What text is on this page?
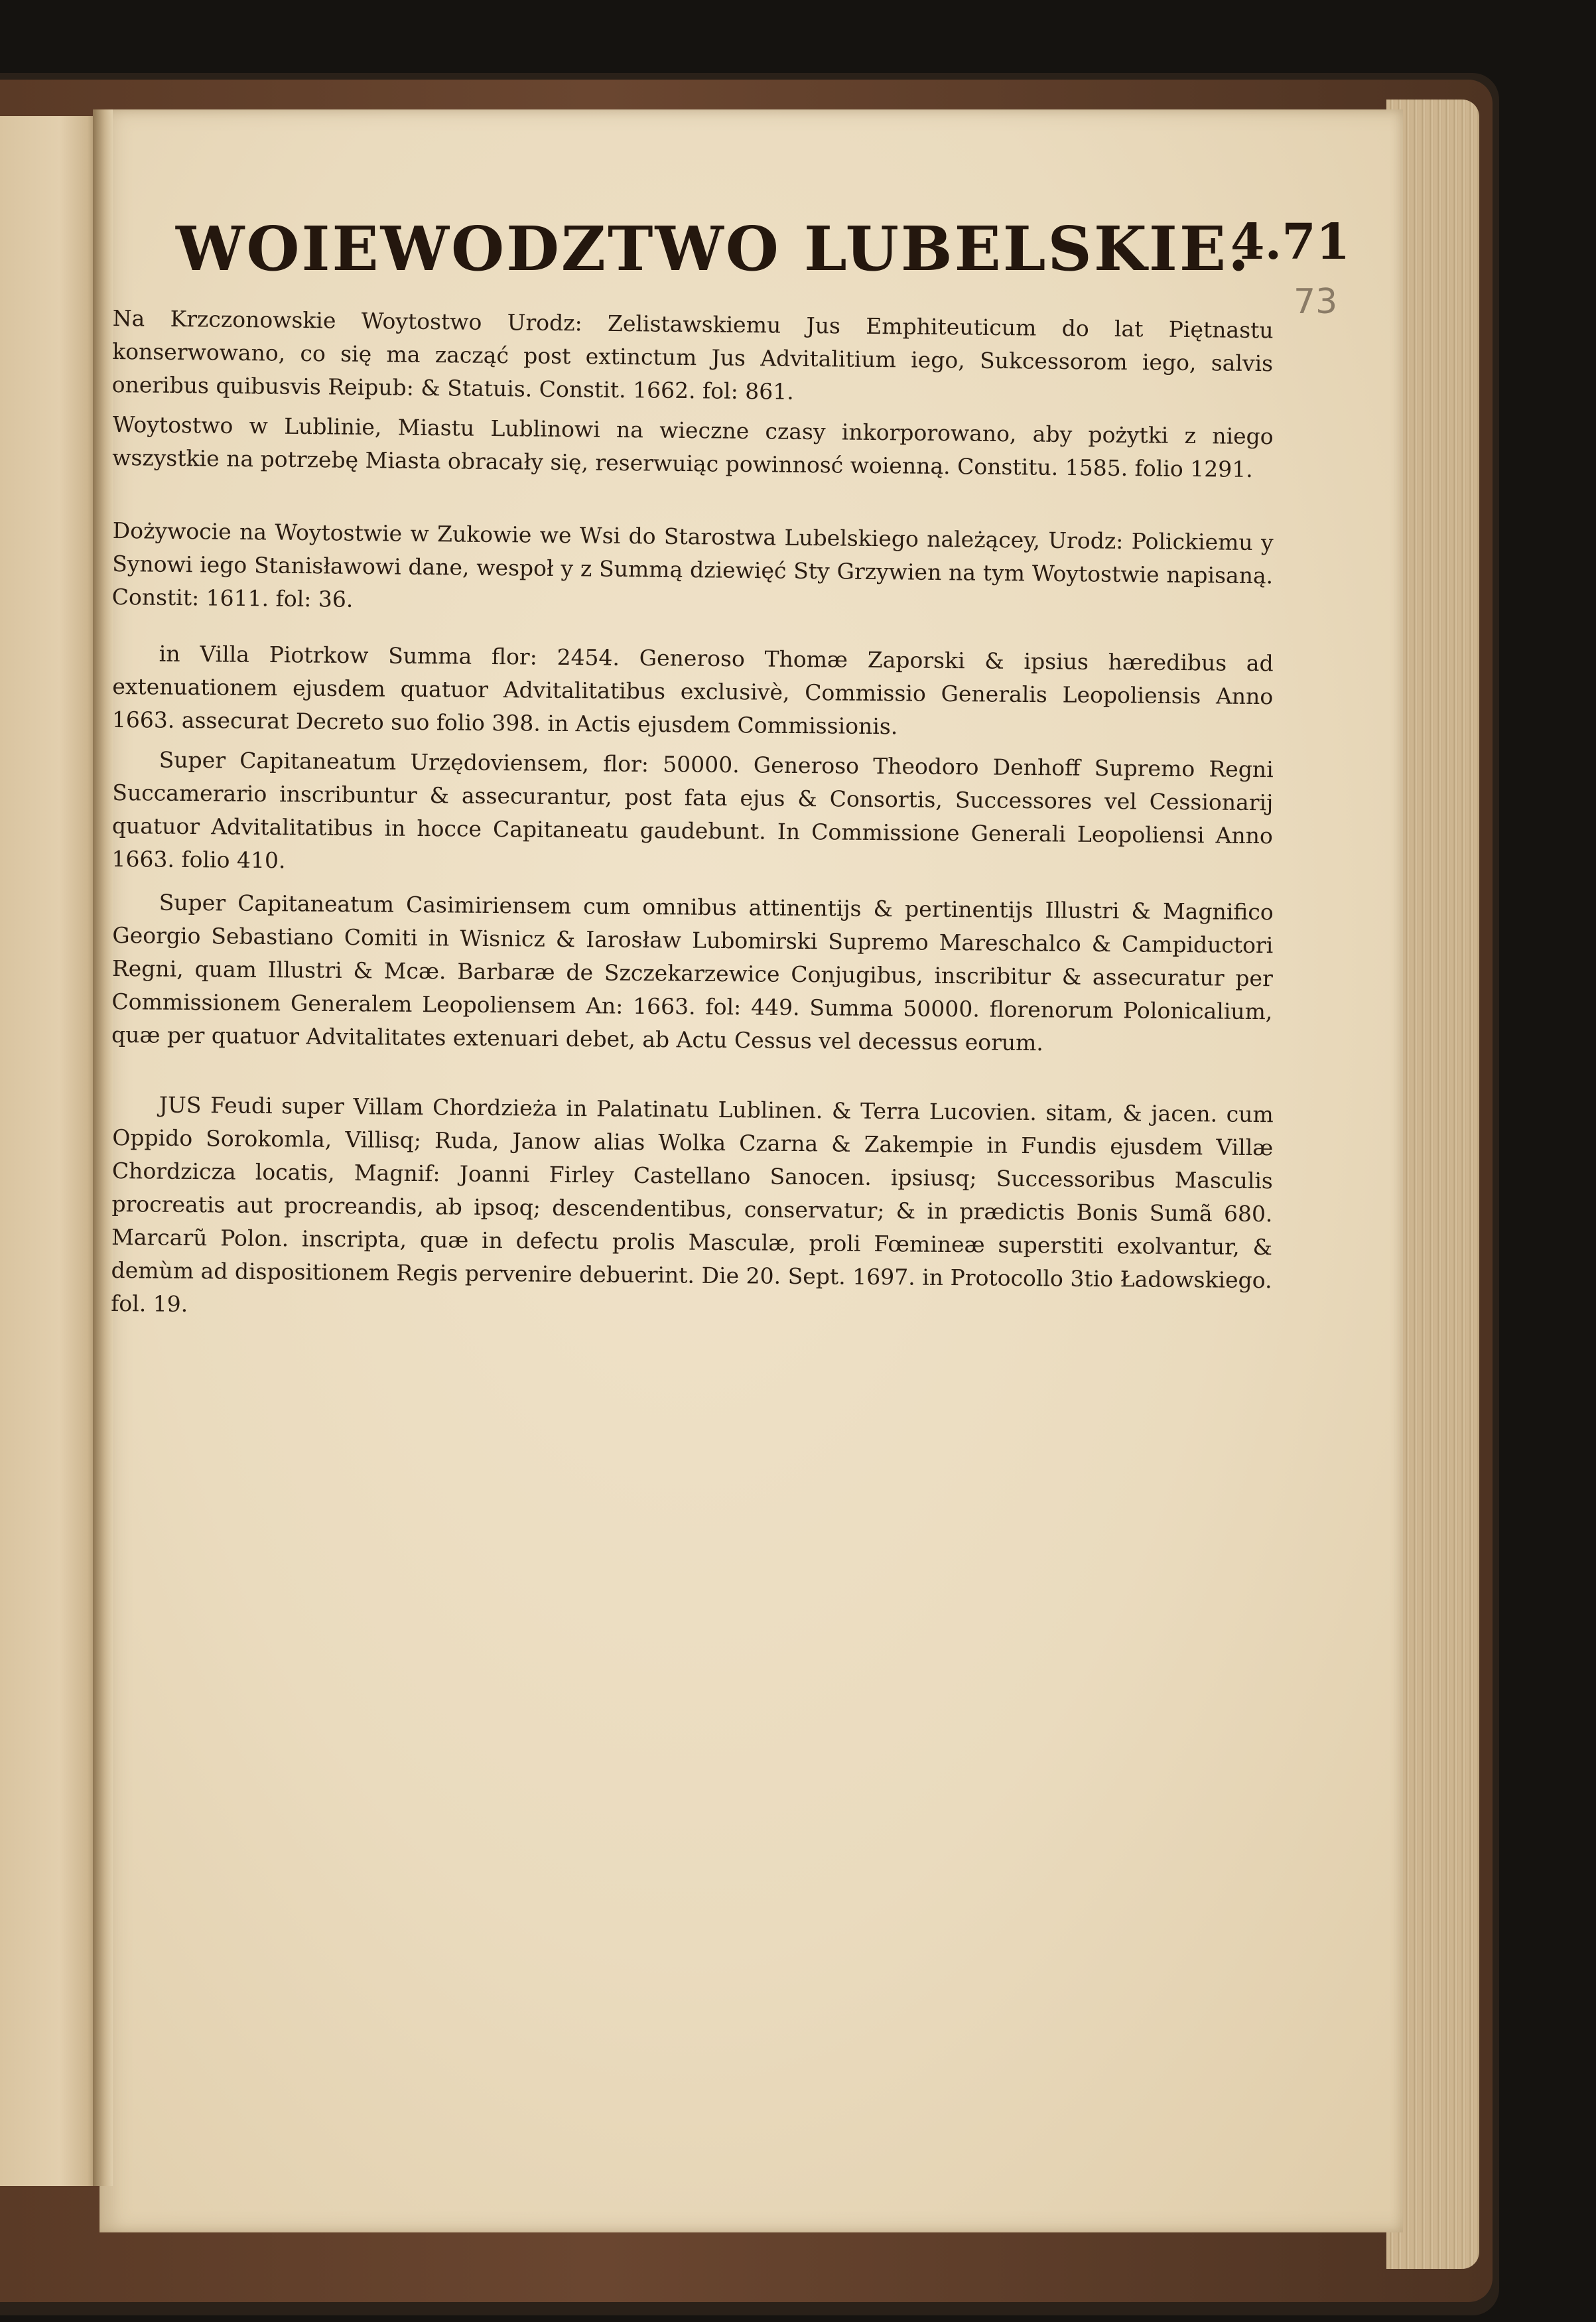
WOIEWODZTWO LUBELSKIE.
4.71
73

Na Krzczonowskie Woytostwo Urodz: Zelistawskiemu Jus Emphiteuticum do lat Piętnastu konserwowano, co się ma zacząć post extinctum Jus Advitalitium iego, Sukcessorom iego, salvis oneribus quibusvis Reipub: & Statuis. Constit. 1662. fol: 861.

Woytostwo w Lublinie, Miastu Lublinowi na wieczne czasy inkorporowano, aby pożytki z niego wszystkie na potrzebę Miasta obracały się, reserwuiąc powinnosć woienną. Constitu. 1585. folio 1291.

Dożywocie na Woytostwie w Zukowie we Wsi do Starostwa Lubelskiego należącey, Urodz: Polickiemu y Synowi iego Stanisławowi dane, wespoł y z Summą dziewięć Sty Grzywien na tym Woytostwie napisaną. Constit: 1611. fol: 36.

in Villa Piotrkow Summa flor: 2454. Generoso Thomæ Zaporski & ipsius hæredibus ad extenuationem ejusdem quatuor Advitalitatibus exclusivè, Commissio Generalis Leopoliensis Anno 1663. assecurat Decreto suo folio 398. in Actis ejusdem Commissionis.

Super Capitaneatum Urzędoviensem, flor: 50000. Generoso Theodoro Denhoff Supremo Regni Succamerario inscribuntur & assecurantur, post fata ejus & Consortis, Successores vel Cessionarij quatuor Advitalitatibus in hocce Capitaneatu gaudebunt. In Commissione Generali Leopoliensi Anno 1663. folio 410.

Super Capitaneatum Casimiriensem cum omnibus attinentijs & pertinentijs Illustri & Magnifico Georgio Sebastiano Comiti in Wisnicz & Iarosław Lubomirski Supremo Mareschalco & Campiductori Regni, quam Illustri & Mcæ. Barbaræ de Szczekarzewice Conjugibus, inscribitur & assecuratur per Commissionem Generalem Leopoliensem An: 1663. fol: 449. Summa 50000. florenorum Polonicalium, quæ per quatuor Advitalitates extenuari debet, ab Actu Cessus vel decessus eorum.

JUS Feudi super Villam Chordzieża in Palatinatu Lublinen. & Terra Lucovien. sitam, & jacen. cum Oppido Sorokomla, Villisq; Ruda, Janow alias Wolka Czarna & Zakempie in Fundis ejusdem Villæ Chordzicza locatis, Magnif: Joanni Firley Castellano Sanocen. ipsiusq; Successoribus Masculis procreatis aut procreandis, ab ipsoq; descendentibus, conservatur; & in prædictis Bonis Sumã 680. Marcarũ Polon. inscripta, quæ in defectu prolis Masculæ, proli Fœmineæ superstiti exolvantur, & demùm ad dispositionem Regis pervenire debuerint. Die 20. Sept. 1697. in Protocollo 3tio Ładowskiego. fol. 19.
